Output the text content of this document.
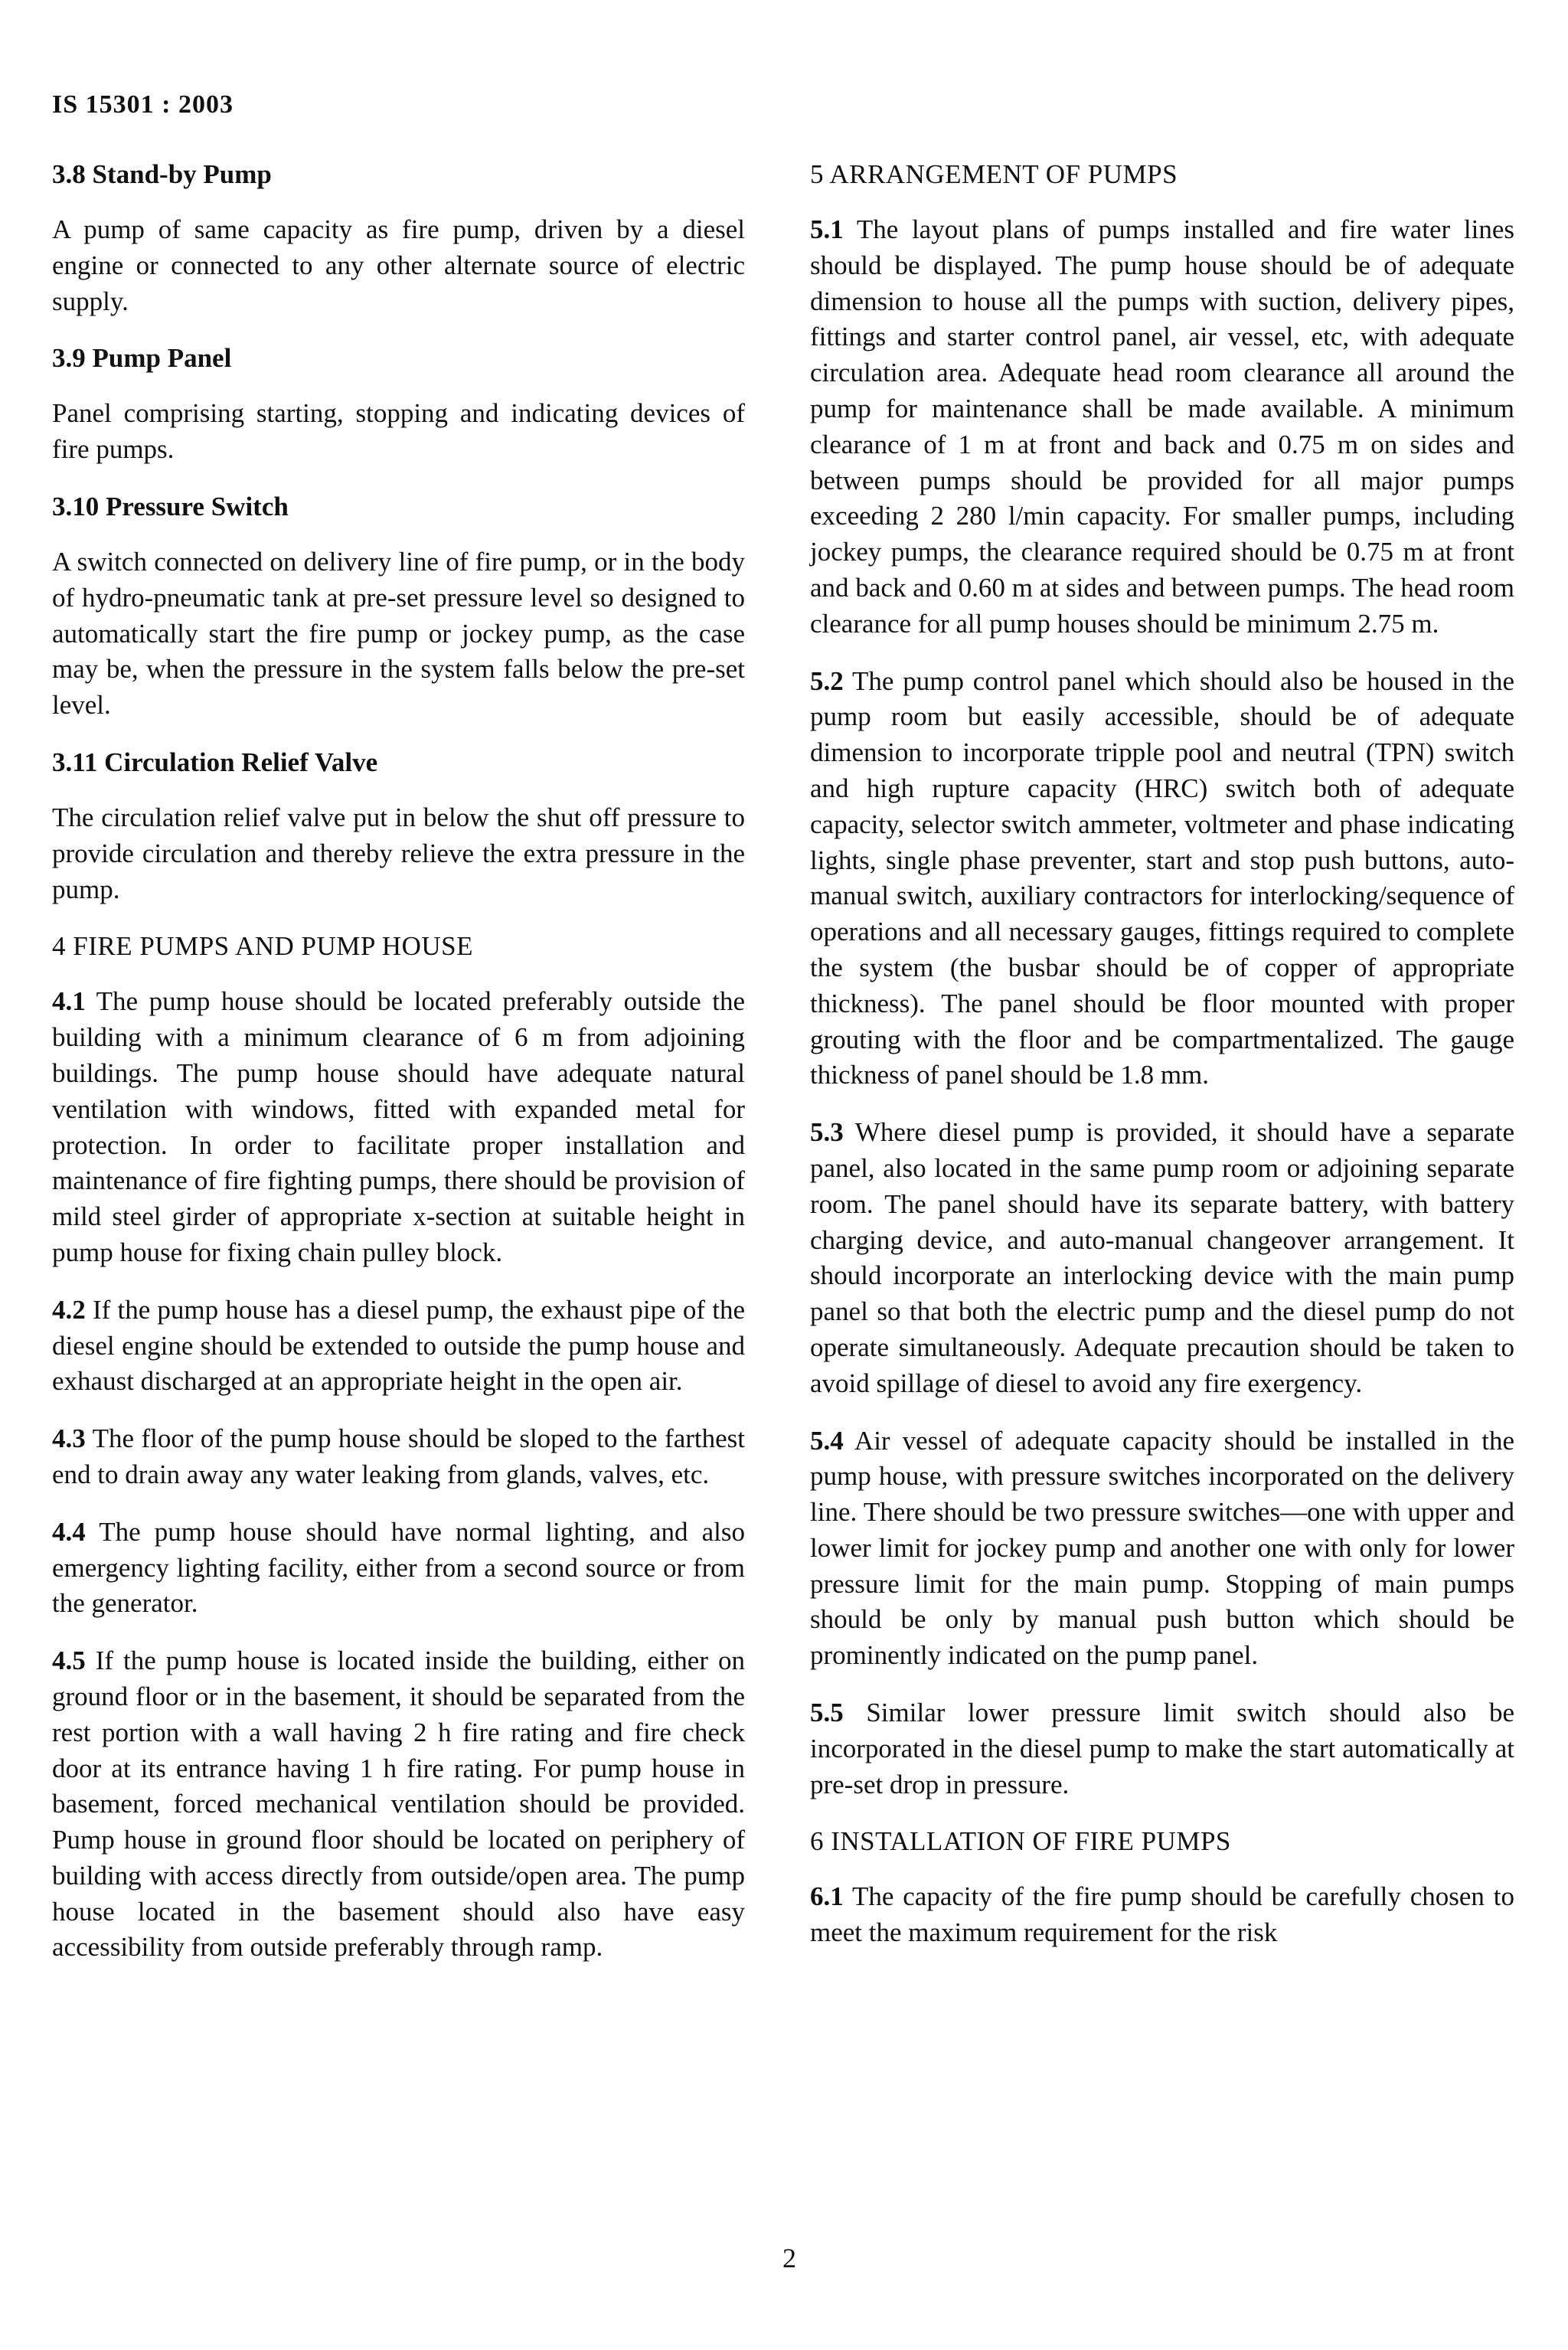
IS 15301 : 2003
3.8 Stand-by Pump

A pump of same capacity as fire pump, driven by a diesel engine or connected to any other alternate source of electric supply.

3.9 Pump Panel

Panel comprising starting, stopping and indicating devices of fire pumps.

3.10 Pressure Switch

A switch connected on delivery line of fire pump, or in the body of hydro-pneumatic tank at pre-set pressure level so designed to automatically start the fire pump or jockey pump, as the case may be, when the pressure in the system falls below the pre-set level.

3.11 Circulation Relief Valve

The circulation relief valve put in below the shut off pressure to provide circulation and thereby relieve the extra pressure in the pump.

4 FIRE PUMPS AND PUMP HOUSE

4.1 The pump house should be located preferably outside the building with a minimum clearance of 6 m from adjoining buildings. The pump house should have adequate natural ventilation with windows, fitted with expanded metal for protection. In order to facilitate proper installation and maintenance of fire fighting pumps, there should be provision of mild steel girder of appropriate x-section at suitable height in pump house for fixing chain pulley block.

4.2 If the pump house has a diesel pump, the exhaust pipe of the diesel engine should be extended to outside the pump house and exhaust discharged at an appropriate height in the open air.

4.3 The floor of the pump house should be sloped to the farthest end to drain away any water leaking from glands, valves, etc.

4.4 The pump house should have normal lighting, and also emergency lighting facility, either from a second source or from the generator.

4.5 If the pump house is located inside the building, either on ground floor or in the basement, it should be separated from the rest portion with a wall having 2 h fire rating and fire check door at its entrance having 1 h fire rating. For pump house in basement, forced mechanical ventilation should be provided. Pump house in ground floor should be located on periphery of building with access directly from outside/open area. The pump house located in the basement should also have easy accessibility from outside preferably through ramp.

5 ARRANGEMENT OF PUMPS

5.1 The layout plans of pumps installed and fire water lines should be displayed. The pump house should be of adequate dimension to house all the pumps with suction, delivery pipes, fittings and starter control panel, air vessel, etc, with adequate circulation area. Adequate head room clearance all around the pump for maintenance shall be made available. A minimum clearance of 1 m at front and back and 0.75 m on sides and between pumps should be provided for all major pumps exceeding 2 280 l/min capacity. For smaller pumps, including jockey pumps, the clearance required should be 0.75 m at front and back and 0.60 m at sides and between pumps. The head room clearance for all pump houses should be minimum 2.75 m.

5.2 The pump control panel which should also be housed in the pump room but easily accessible, should be of adequate dimension to incorporate tripple pool and neutral (TPN) switch and high rupture capacity (HRC) switch both of adequate capacity, selector switch ammeter, voltmeter and phase indicating lights, single phase preventer, start and stop push buttons, auto-manual switch, auxiliary contractors for interlocking/sequence of operations and all necessary gauges, fittings required to complete the system (the busbar should be of copper of appropriate thickness). The panel should be floor mounted with proper grouting with the floor and be compartmentalized. The gauge thickness of panel should be 1.8 mm.

5.3 Where diesel pump is provided, it should have a separate panel, also located in the same pump room or adjoining separate room. The panel should have its separate battery, with battery charging device, and auto-manual changeover arrangement. It should incorporate an interlocking device with the main pump panel so that both the electric pump and the diesel pump do not operate simultaneously. Adequate precaution should be taken to avoid spillage of diesel to avoid any fire exergency.

5.4 Air vessel of adequate capacity should be installed in the pump house, with pressure switches incorporated on the delivery line. There should be two pressure switches—one with upper and lower limit for jockey pump and another one with only for lower pressure limit for the main pump. Stopping of main pumps should be only by manual push button which should be prominently indicated on the pump panel.

5.5 Similar lower pressure limit switch should also be incorporated in the diesel pump to make the start automatically at pre-set drop in pressure.

6 INSTALLATION OF FIRE PUMPS

6.1 The capacity of the fire pump should be carefully chosen to meet the maximum requirement for the risk

2
